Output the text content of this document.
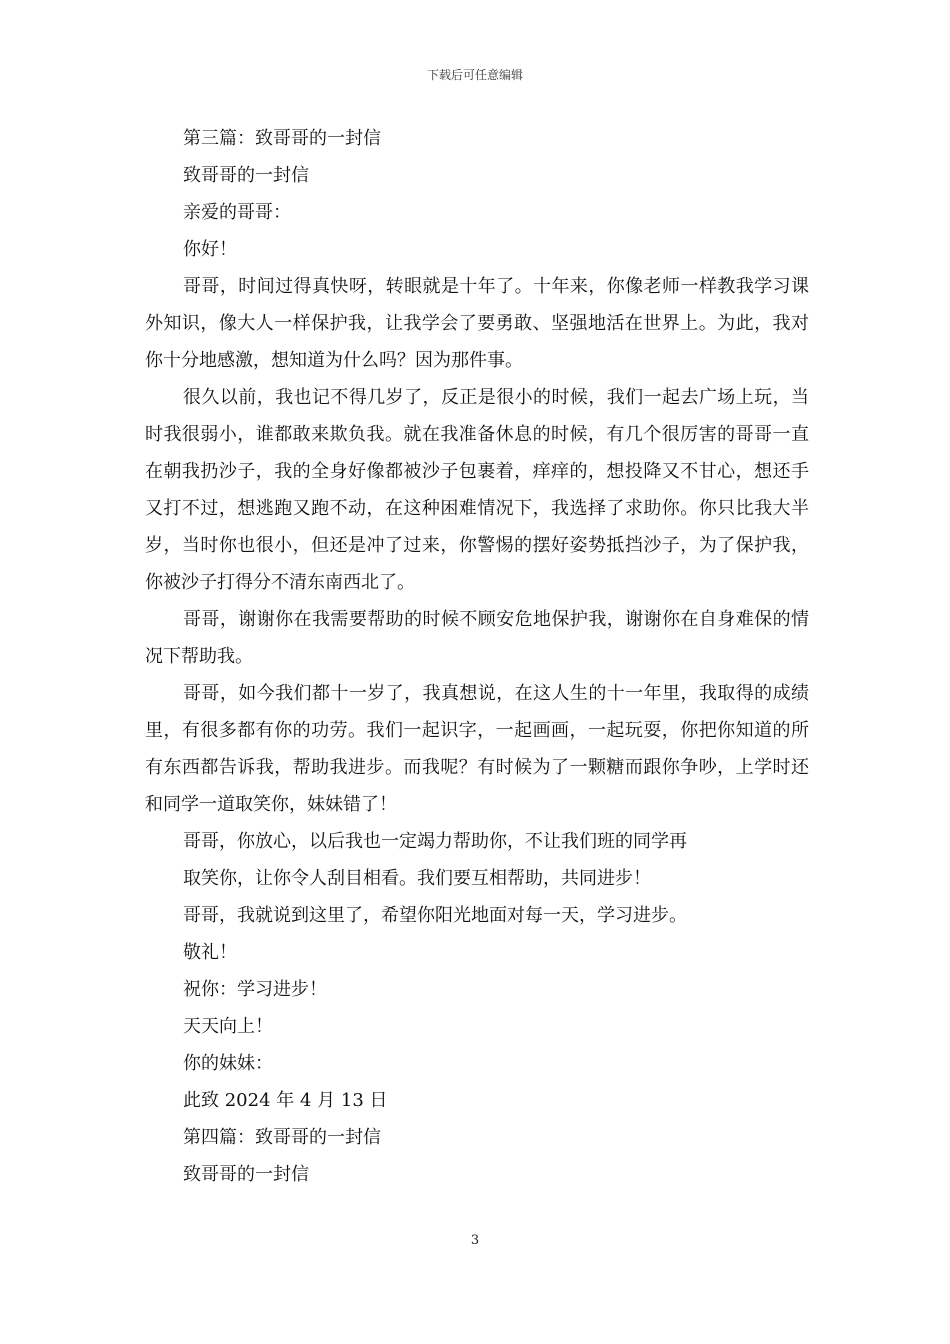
下载后可任意编辑

第三篇：致哥哥的一封信

致哥哥的一封信

亲爱的哥哥：

你好！

哥哥，时间过得真快呀，转眼就是十年了。十年来，你像老师一样教我学习课外知识，像大人一样保护我，让我学会了要勇敢、坚强地活在世界上。为此，我对你十分地感激，想知道为什么吗？因为那件事。

很久以前，我也记不得几岁了，反正是很小的时候，我们一起去广场上玩，当时我很弱小，谁都敢来欺负我。就在我准备休息的时候，有几个很厉害的哥哥一直在朝我扔沙子，我的全身好像都被沙子包裹着，痒痒的，想投降又不甘心，想还手又打不过，想逃跑又跑不动，在这种困难情况下，我选择了求助你。你只比我大半岁，当时你也很小，但还是冲了过来，你警惕的摆好姿势抵挡沙子，为了保护我，你被沙子打得分不清东南西北了。

哥哥，谢谢你在我需要帮助的时候不顾安危地保护我，谢谢你在自身难保的情况下帮助我。

哥哥，如今我们都十一岁了，我真想说，在这人生的十一年里，我取得的成绩里，有很多都有你的功劳。我们一起识字，一起画画，一起玩耍，你把你知道的所有东西都告诉我，帮助我进步。而我呢？有时候为了一颗糖而跟你争吵，上学时还和同学一道取笑你，妹妹错了！

哥哥，你放心，以后我也一定竭力帮助你，不让我们班的同学再

取笑你，让你令人刮目相看。我们要互相帮助，共同进步！

哥哥，我就说到这里了，希望你阳光地面对每一天，学习进步。

敬礼！

祝你：学习进步！

天天向上！

你的妹妹：

此致 2024 年 4 月 13 日

第四篇：致哥哥的一封信

致哥哥的一封信

3
